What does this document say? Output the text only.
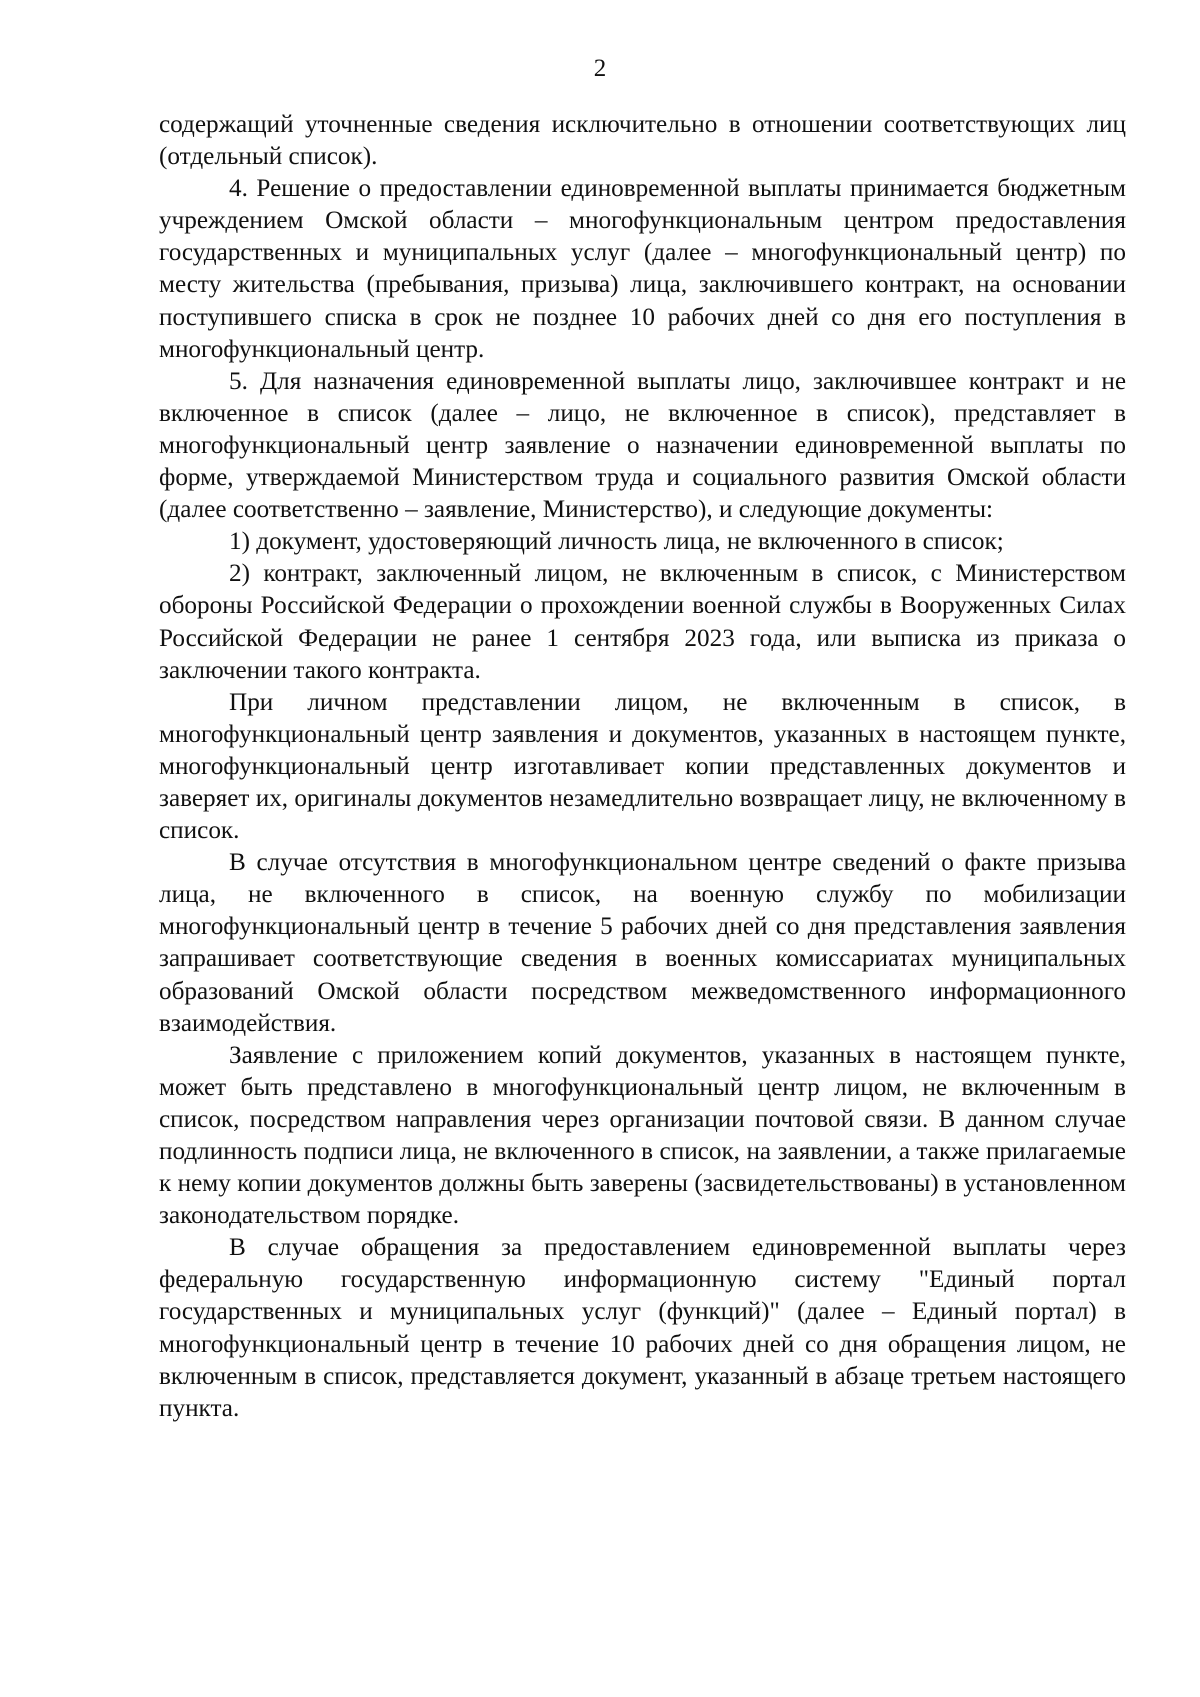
2

содержащий уточненные сведения исключительно в отношении соответствующих лиц (отдельный список).

4. Решение о предоставлении единовременной выплаты принимается бюджетным учреждением Омской области – многофункциональным центром предоставления государственных и муниципальных услуг (далее – многофункциональный центр) по месту жительства (пребывания, призыва) лица, заключившего контракт, на основании поступившего списка в срок не позднее 10 рабочих дней со дня его поступления в многофункциональный центр.

5. Для назначения единовременной выплаты лицо, заключившее контракт и не включенное в список (далее – лицо, не включенное в список), представляет в многофункциональный центр заявление о назначении единовременной выплаты по форме, утверждаемой Министерством труда и социального развития Омской области (далее соответственно – заявление, Министерство), и следующие документы:

1) документ, удостоверяющий личность лица, не включенного в список;

2) контракт, заключенный лицом, не включенным в список, с Министерством обороны Российской Федерации о прохождении военной службы в Вооруженных Силах Российской Федерации не ранее 1 сентября 2023 года, или выписка из приказа о заключении такого контракта.

При личном представлении лицом, не включенным в список, в многофункциональный центр заявления и документов, указанных в настоящем пункте, многофункциональный центр изготавливает копии представленных документов и заверяет их, оригиналы документов незамедлительно возвращает лицу, не включенному в список.

В случае отсутствия в многофункциональном центре сведений о факте призыва лица, не включенного в список, на военную службу по мобилизации многофункциональный центр в течение 5 рабочих дней со дня представления заявления запрашивает соответствующие сведения в военных комиссариатах муниципальных образований Омской области посредством межведомственного информационного взаимодействия.

Заявление с приложением копий документов, указанных в настоящем пункте, может быть представлено в многофункциональный центр лицом, не включенным в список, посредством направления через организации почтовой связи. В данном случае подлинность подписи лица, не включенного в список, на заявлении, а также прилагаемые к нему копии документов должны быть заверены (засвидетельствованы) в установленном законодательством порядке.

В случае обращения за предоставлением единовременной выплаты через федеральную государственную информационную систему "Единый портал государственных и муниципальных услуг (функций)" (далее – Единый портал) в многофункциональный центр в течение 10 рабочих дней со дня обращения лицом, не включенным в список, представляется документ, указанный в абзаце третьем настоящего пункта.
